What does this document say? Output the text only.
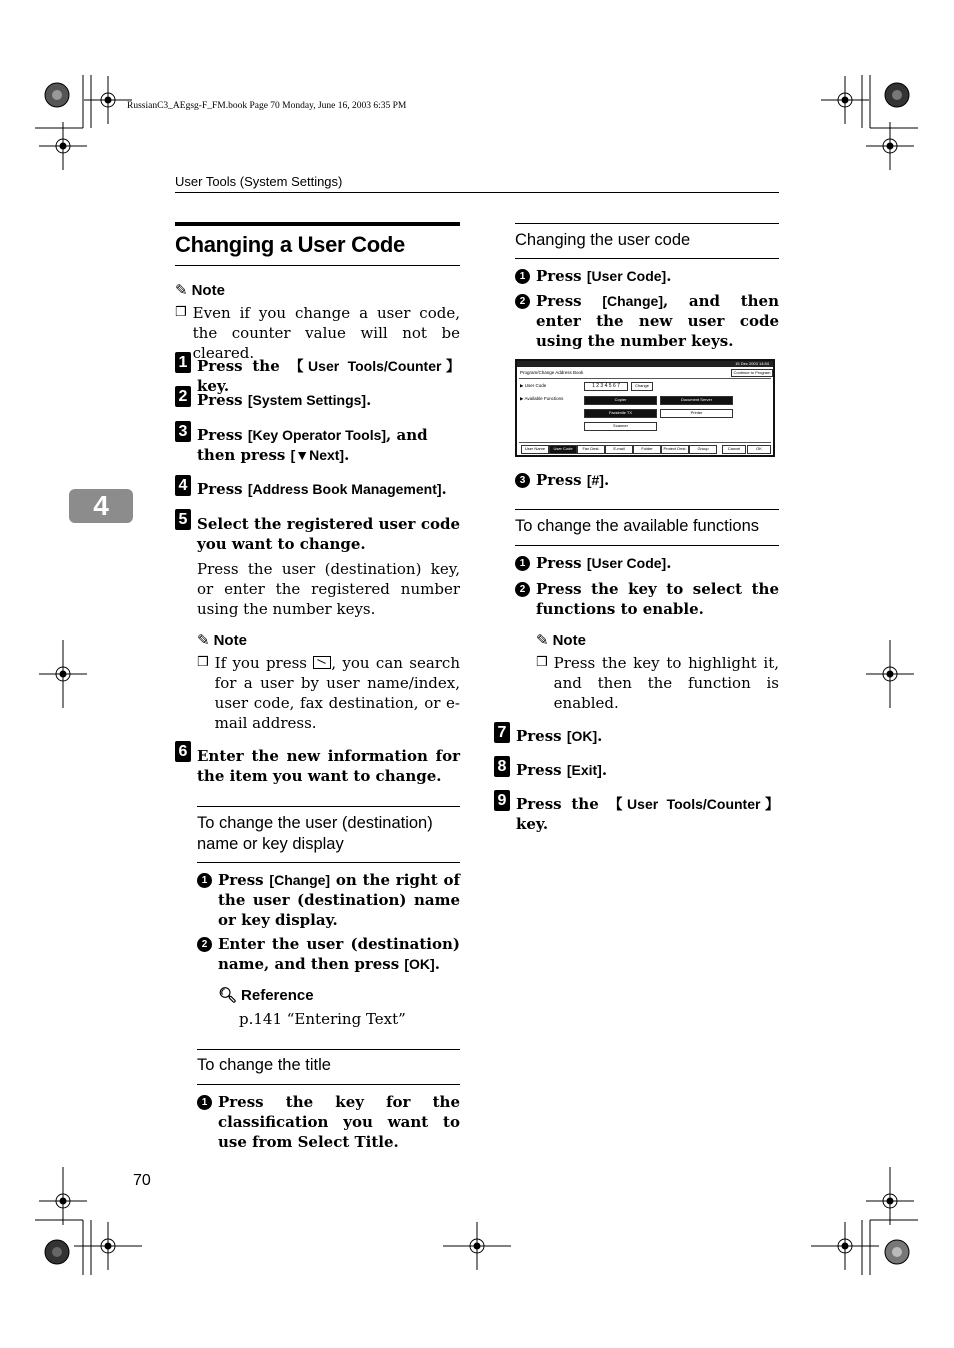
RussianC3_AEgsg-F_FM.book Page 70 Monday, June 16, 2003 6:35 PM
User Tools (System Settings)
4
Changing a User Code
✎ Note
❒ Even if you change a user code, the counter value will not be cleared.
1 Press the 【User Tools/Counter】 key.
2 Press [System Settings].
3 Press [Key Operator Tools], and then press [▼Next].
4 Press [Address Book Management].
5 Select the registered user code you want to change.
Press the user (destination) key, or enter the registered number using the number keys.
✎ Note
❒ If you press
, you can search for a user by user name/index, user code, fax destination, or e-mail address.
6 Enter the new information for the item you want to change.
To change the user (destination) name or key display
1 Press [Change] on the right of the user (destination) name or key display.
2 Enter the user (destination) name, and then press [OK].
🔍︎ Reference
p.141 “Entering Text”
To change the title
1 Press the key for the classification you want to use from Select Title.
70
Changing the user code
1 Press [User Code].
2 Press [Change], and then enter the new user code using the number keys.
15 Dec 2003 14:54
Program/Change Address Book	Continue to Program
▶ User Code	1 2 3 4 5 6 7	Change
▶ Available Functions	Copier	Document Server
Facsimile TX	Printer
Scanner
User Name	User Code	Fax Dest.	E-mail	Folder	Protect Dest.	Group	Cancel	OK
3 Press [#].
To change the available functions
1 Press [User Code].
2 Press the key to select the functions to enable.
✎ Note
❒ Press the key to highlight it, and then the function is enabled.
7 Press [OK].
8 Press [Exit].
9 Press the 【User Tools/Counter】 key.
